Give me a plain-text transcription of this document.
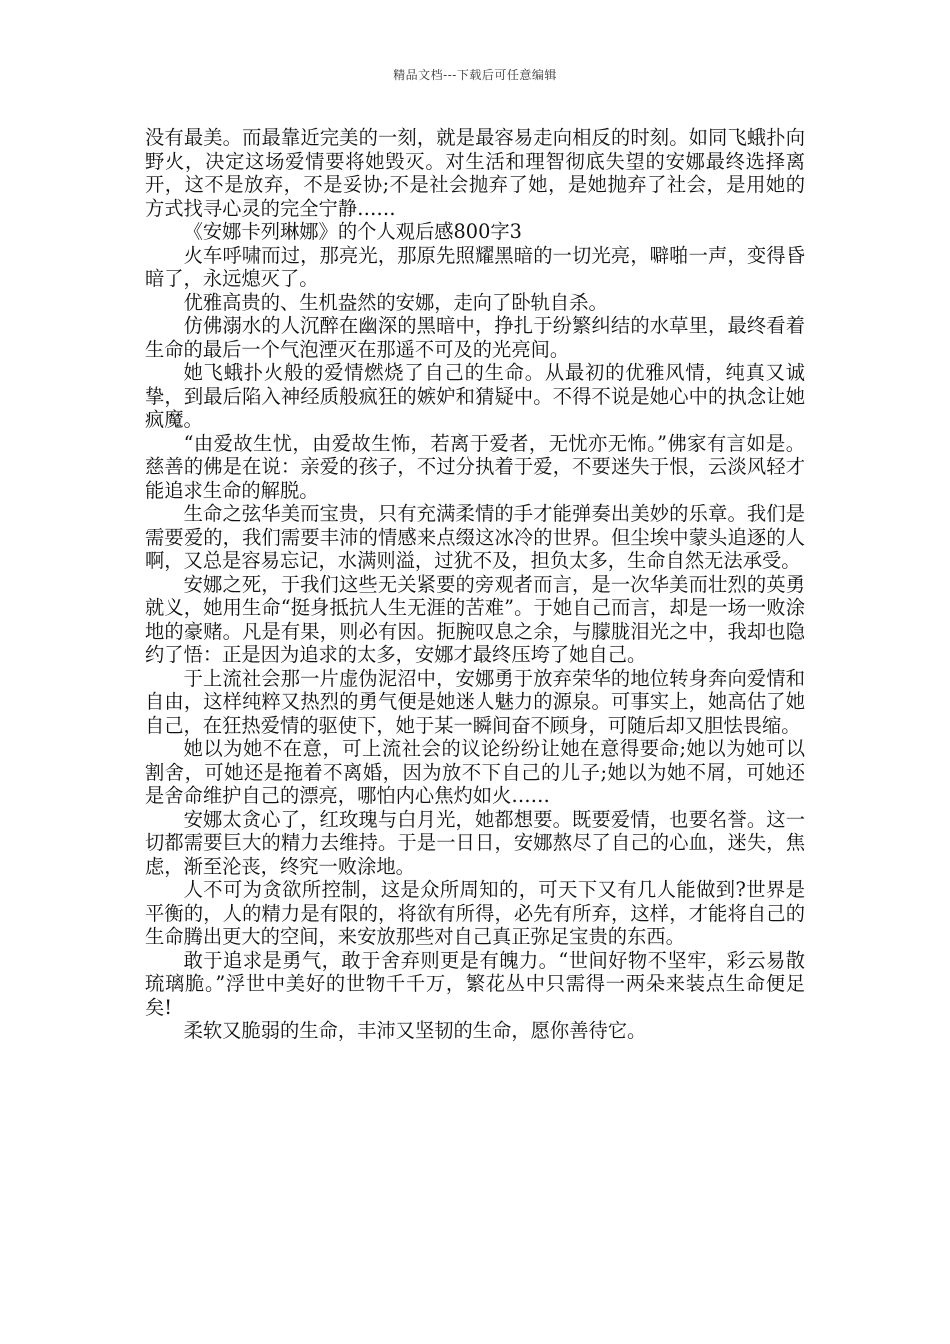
精品文档---下载后可任意编辑

没有最美。而最靠近完美的一刻，就是最容易走向相反的时刻。如同飞蛾扑向野火，决定这场爱情要将她毁灭。对生活和理智彻底失望的安娜最终选择离开，这不是放弃，不是妥协;不是社会抛弃了她，是她抛弃了社会，是用她的方式找寻心灵的完全宁静……

《安娜卡列琳娜》的个人观后感800字3

火车呼啸而过，那亮光，那原先照耀黑暗的一切光亮，噼啪一声，变得昏暗了，永远熄灭了。

优雅高贵的、生机盎然的安娜，走向了卧轨自杀。

仿佛溺水的人沉醉在幽深的黑暗中，挣扎于纷繁纠结的水草里，最终看着生命的最后一个气泡湮灭在那遥不可及的光亮间。

她飞蛾扑火般的爱情燃烧了自己的生命。从最初的优雅风情，纯真又诚挚，到最后陷入神经质般疯狂的嫉妒和猜疑中。不得不说是她心中的执念让她疯魔。

“由爱故生忧，由爱故生怖，若离于爱者，无忧亦无怖。”佛家有言如是。慈善的佛是在说：亲爱的孩子，不过分执着于爱，不要迷失于恨，云淡风轻才能追求生命的解脱。

生命之弦华美而宝贵，只有充满柔情的手才能弹奏出美妙的乐章。我们是需要爱的，我们需要丰沛的情感来点缀这冰冷的世界。但尘埃中蒙头追逐的人啊，又总是容易忘记，水满则溢，过犹不及，担负太多，生命自然无法承受。

安娜之死，于我们这些无关紧要的旁观者而言，是一次华美而壮烈的英勇就义，她用生命“挺身抵抗人生无涯的苦难”。于她自己而言，却是一场一败涂地的豪赌。凡是有果，则必有因。扼腕叹息之余，与朦胧泪光之中，我却也隐约了悟：正是因为追求的太多，安娜才最终压垮了她自己。

于上流社会那一片虚伪泥沼中，安娜勇于放弃荣华的地位转身奔向爱情和自由，这样纯粹又热烈的勇气便是她迷人魅力的源泉。可事实上，她高估了她自己，在狂热爱情的驱使下，她于某一瞬间奋不顾身，可随后却又胆怯畏缩。

她以为她不在意，可上流社会的议论纷纷让她在意得要命;她以为她可以割舍，可她还是拖着不离婚，因为放不下自己的儿子;她以为她不屑，可她还是舍命维护自己的漂亮，哪怕内心焦灼如火……

安娜太贪心了，红玫瑰与白月光，她都想要。既要爱情，也要名誉。这一切都需要巨大的精力去维持。于是一日日，安娜熬尽了自己的心血，迷失，焦虑，渐至沦丧，终究一败涂地。

人不可为贪欲所控制，这是众所周知的，可天下又有几人能做到?世界是平衡的，人的精力是有限的，将欲有所得，必先有所弃，这样，才能将自己的生命腾出更大的空间，来安放那些对自己真正弥足宝贵的东西。

敢于追求是勇气，敢于舍弃则更是有魄力。“世间好物不坚牢，彩云易散琉璃脆。”浮世中美好的世物千千万，繁花丛中只需得一两朵来装点生命便足矣!

柔软又脆弱的生命，丰沛又坚韧的生命，愿你善待它。
